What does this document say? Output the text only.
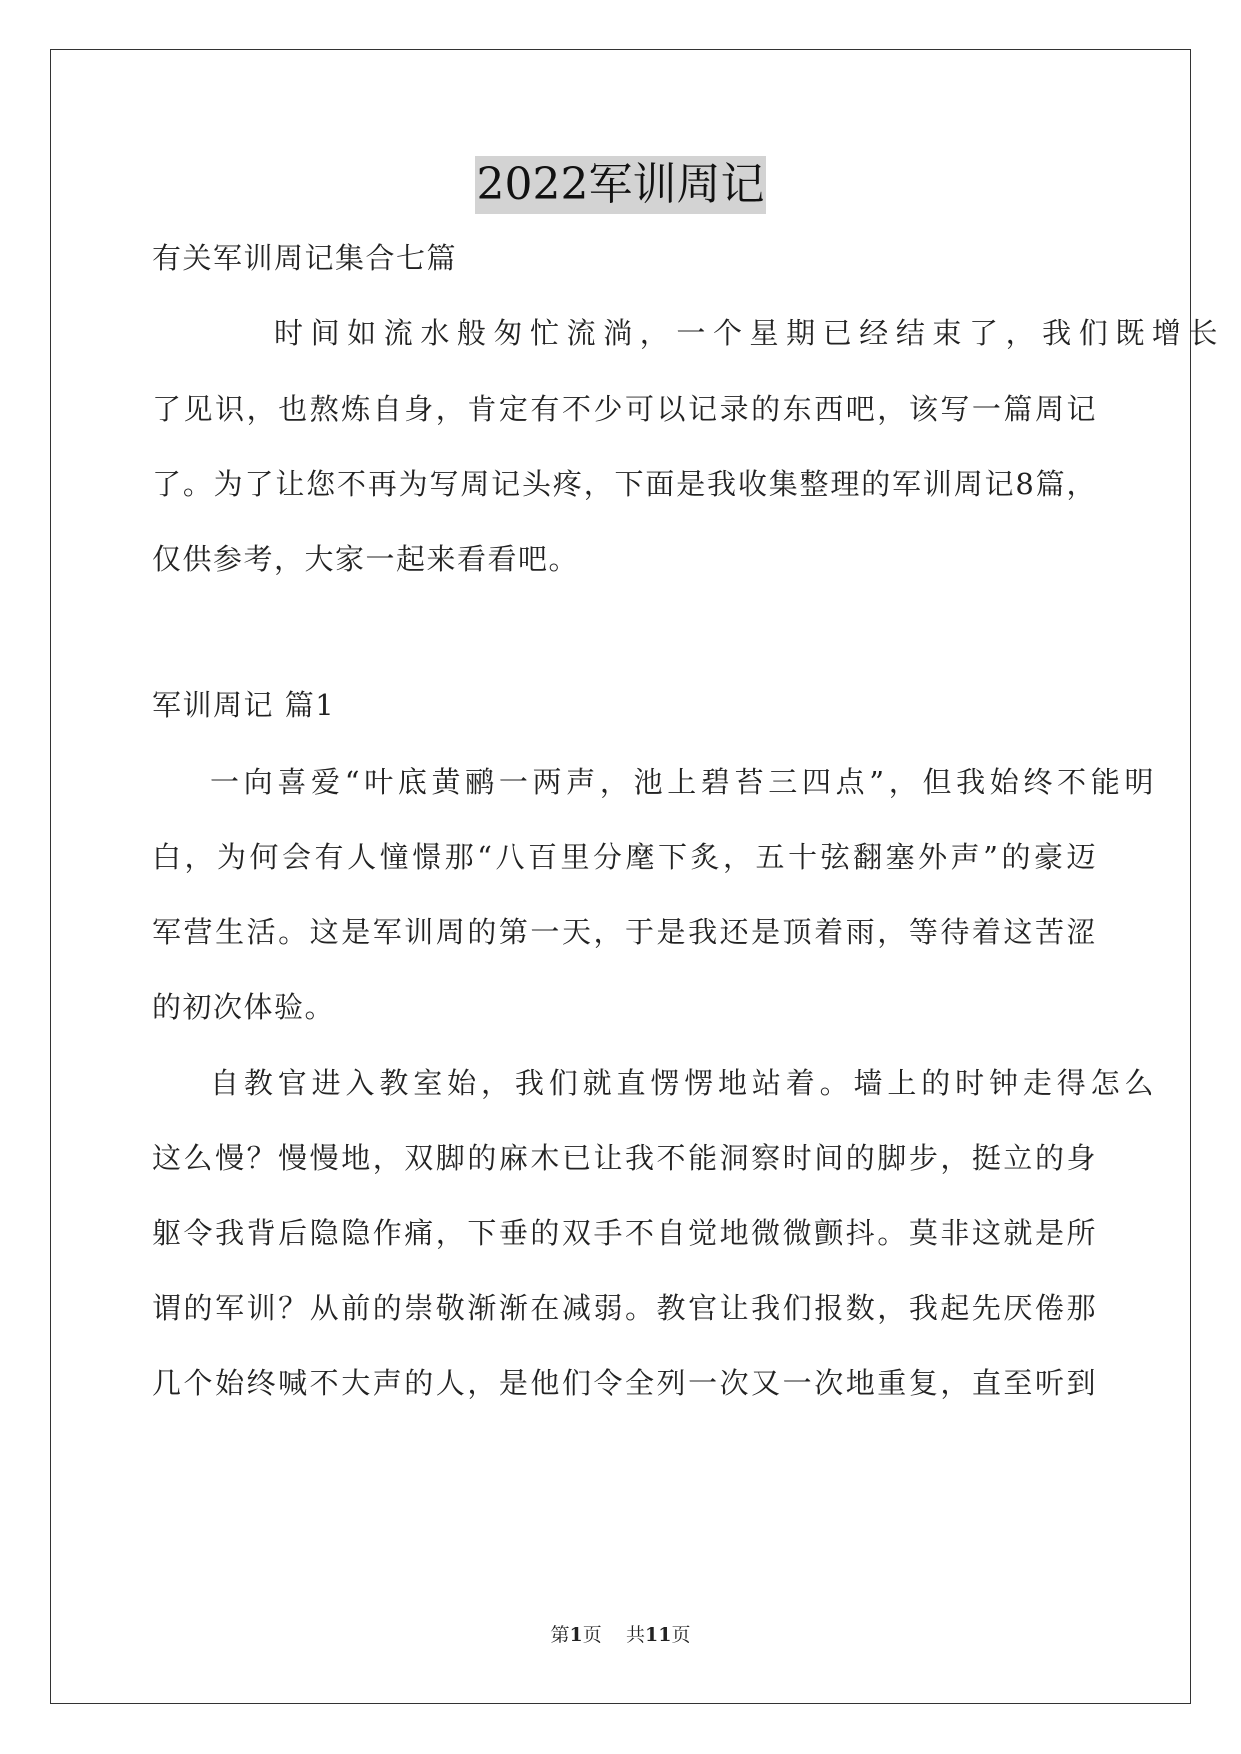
2022军训周记
有关军训周记集合七篇
时间如流水般匆忙流淌，一个星期已经结束了，我们既增长
了见识，也熬炼自身，肯定有不少可以记录的东西吧，该写一篇周记
了。为了让您不再为写周记头疼，下面是我收集整理的军训周记8篇，
仅供参考，大家一起来看看吧。
军训周记 篇1
一向喜爱“叶底黄鹂一两声，池上碧苔三四点”，但我始终不能明
白，为何会有人憧憬那“八百里分麾下炙，五十弦翻塞外声”的豪迈
军营生活。这是军训周的第一天，于是我还是顶着雨，等待着这苦涩
的初次体验。
自教官进入教室始，我们就直愣愣地站着。墙上的时钟走得怎么
这么慢？慢慢地，双脚的麻木已让我不能洞察时间的脚步，挺立的身
躯令我背后隐隐作痛，下垂的双手不自觉地微微颤抖。莫非这就是所
谓的军训？从前的崇敬渐渐在减弱。教官让我们报数，我起先厌倦那
几个始终喊不大声的人，是他们令全列一次又一次地重复，直至听到
第1页 共11页
